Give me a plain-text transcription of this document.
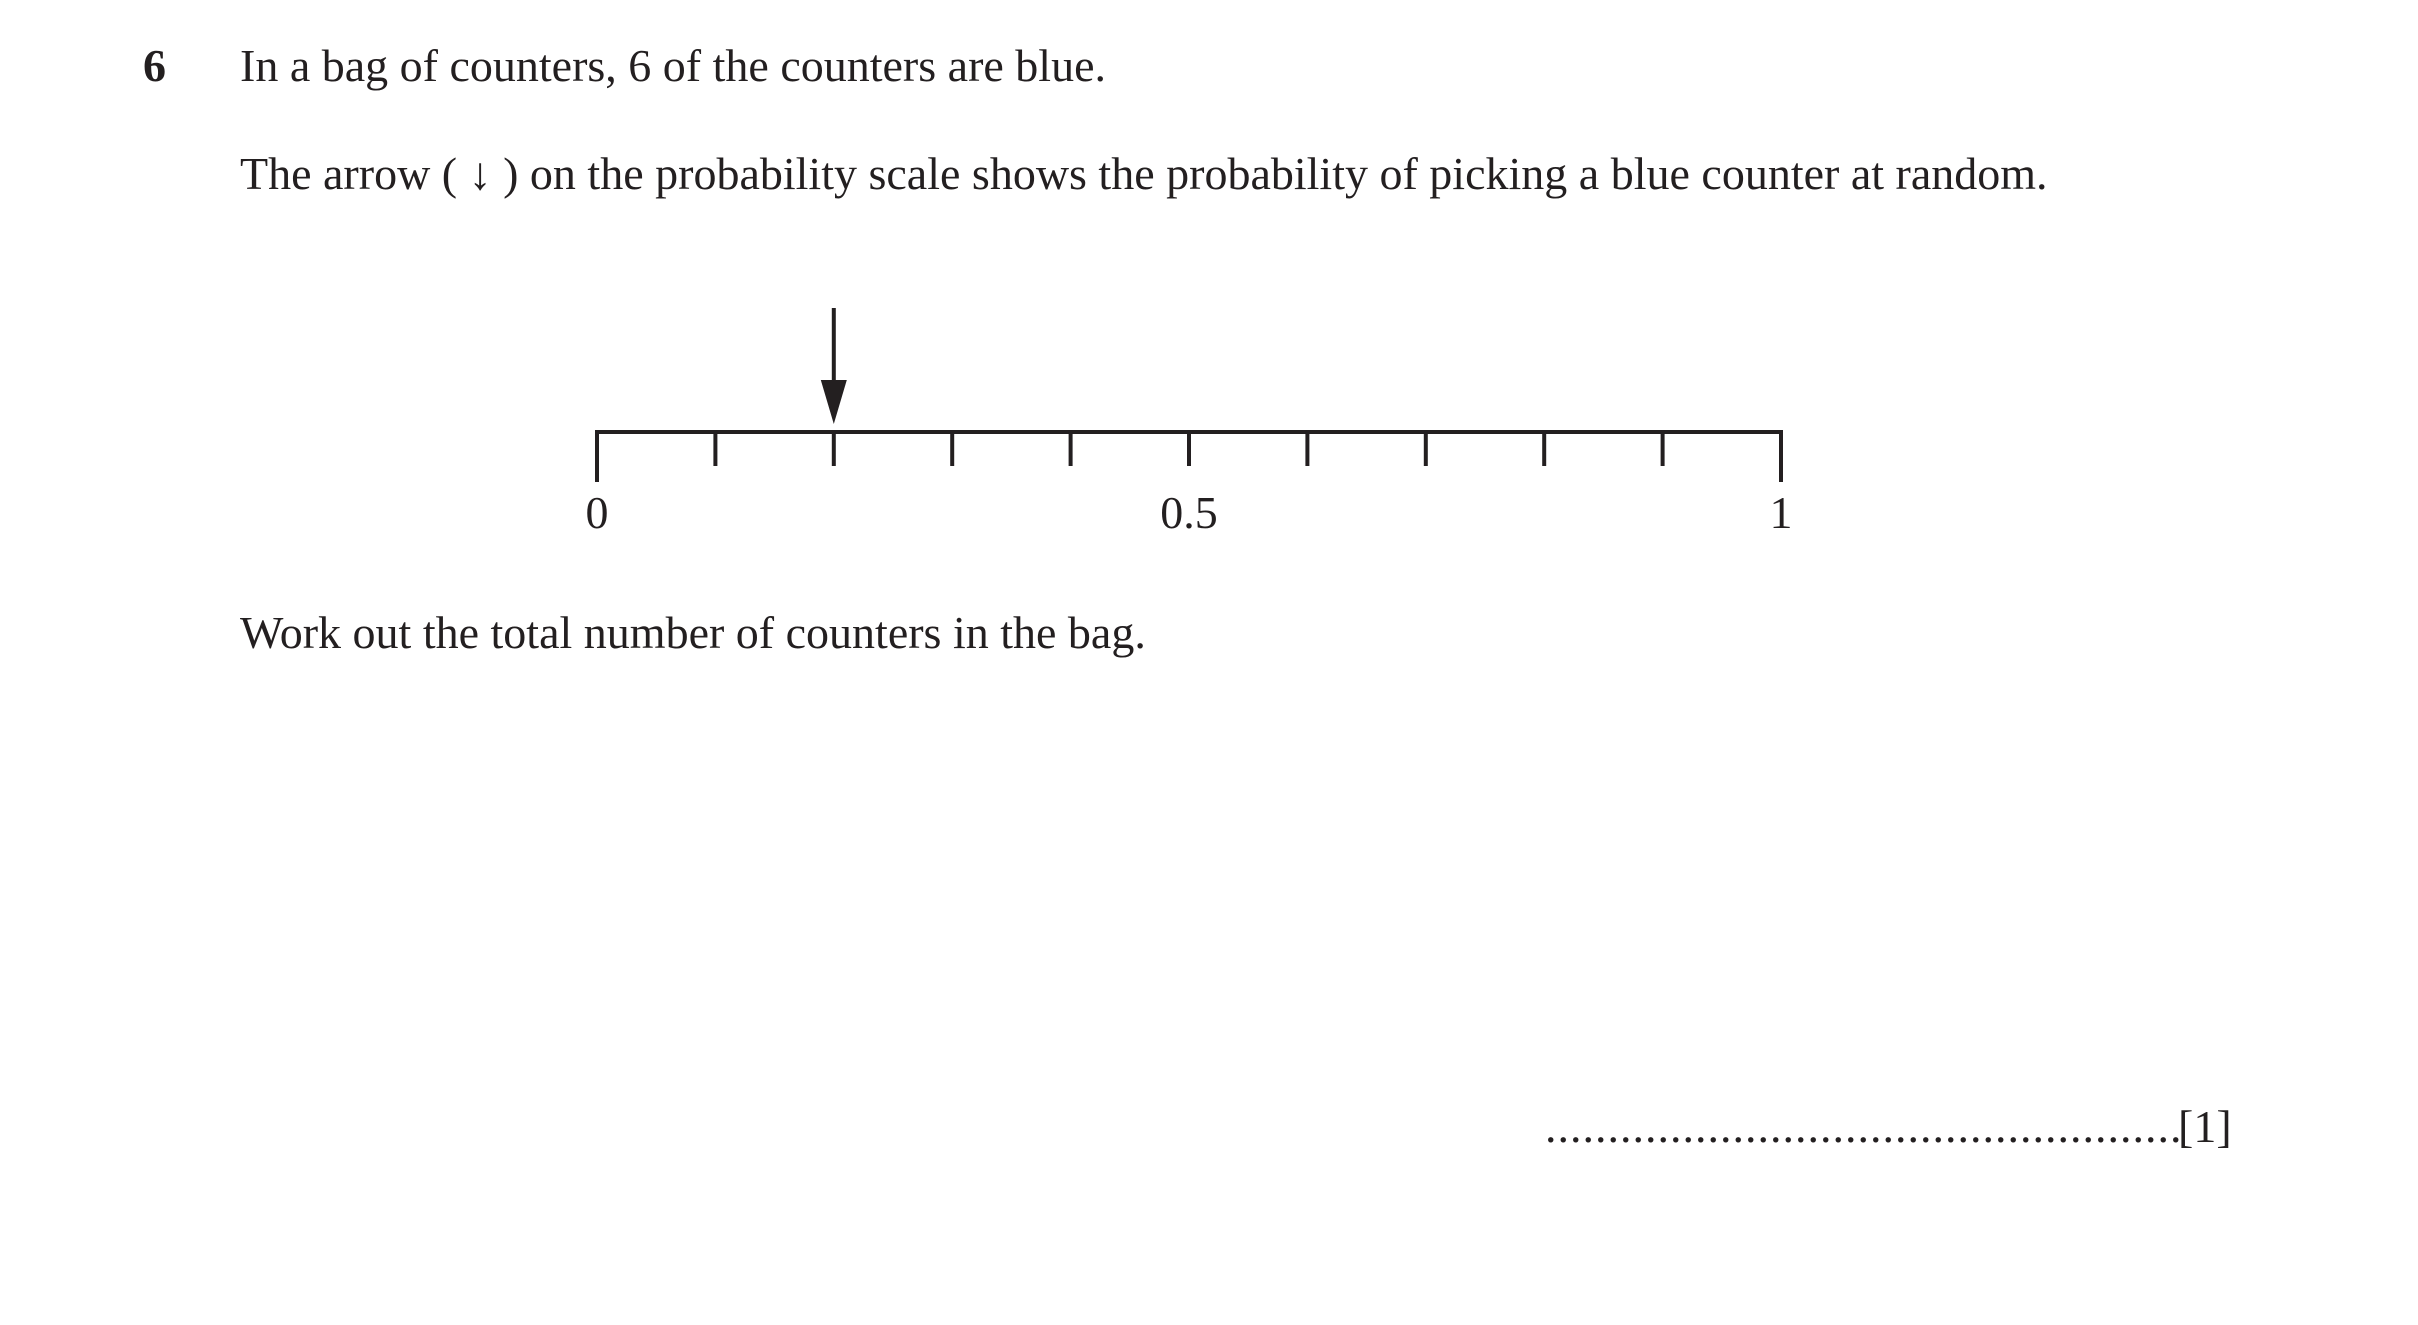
6 In a bag of counters, 6 of the counters are blue.
The arrow ( ↓ ) on the probability scale shows the probability of picking a blue counter at random.
0	0.5	1
Work out the total number of counters in the bag.
...................................................
[1]
